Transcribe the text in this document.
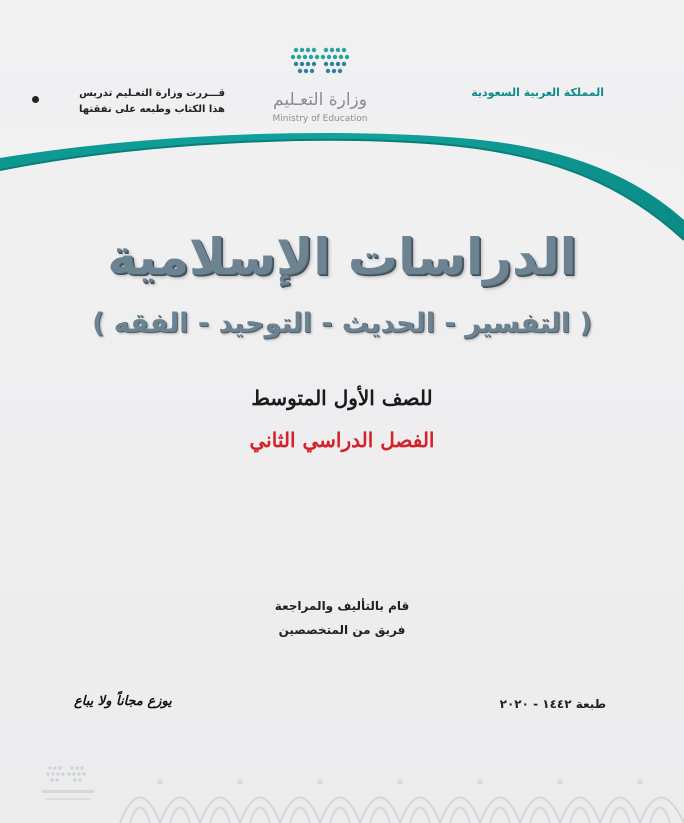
المملكة العربية السعودية
وزارة التعـليم
Ministry of Education
قـــررت وزارة التعـليم تدريس
هذا الكتاب وطبعه على نفقتها
الدراسات الإسلامية
( التفسير - الحديث - التوحيد - الفقه )
للصف الأول المتوسط
الفصل الدراسي الثاني
قام بالتأليف والمراجعة
فريق من المتخصصين
طبعة ١٤٤٢ - ٢٠٢٠
يوزع مجاناً ولا يباع
